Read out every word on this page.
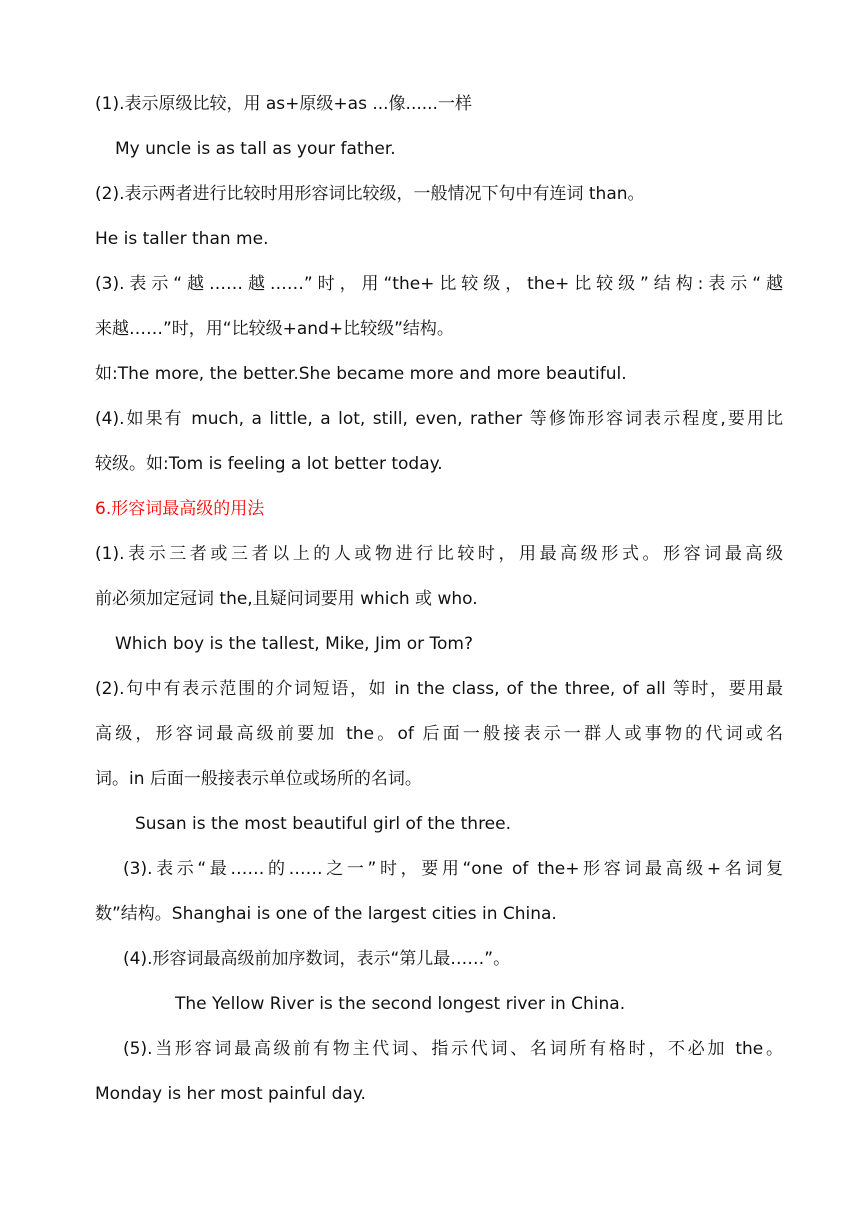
(1).表示原级比较，用 as+原级+as ...像......一样
My uncle is as tall as your father.
(2).表示两者进行比较时用形容词比较级，一般情况下句中有连词 than。
He is taller than me.
(3).表示“越……越……”时，用“the+比较级，the+比较级”结构:表示“越
来越……”时，用“比较级+and+比较级”结构。
如:The more, the better.She became more and more beautiful.
(4).如果有 much, a little, a lot, still, even, rather 等修饰形容词表示程度,要用比
较级。如:Tom is feeling a lot better today.
6.形容词最高级的用法
(1).表示三者或三者以上的人或物进行比较时，用最高级形式。形容词最高级
前必须加定冠词 the,且疑问词要用 which 或 who.
Which boy is the tallest, Mike, Jim or Tom?
(2).句中有表示范围的介词短语，如 in the class, of the three, of all 等时，要用最
高级，形容词最高级前要加 the。of 后面一般接表示一群人或事物的代词或名
词。in 后面一般接表示单位或场所的名词。
Susan is the most beautiful girl of the three.
(3).表示“最……的……之一”时，要用“one of the+形容词最高级+名词复
数”结构。Shanghai is one of the largest cities in China.
(4).形容词最高级前加序数词，表示“第儿最……”。
The Yellow River is the second longest river in China.
(5).当形容词最高级前有物主代词、指示代词、名词所有格时，不必加 the。
Monday is her most painful day.
